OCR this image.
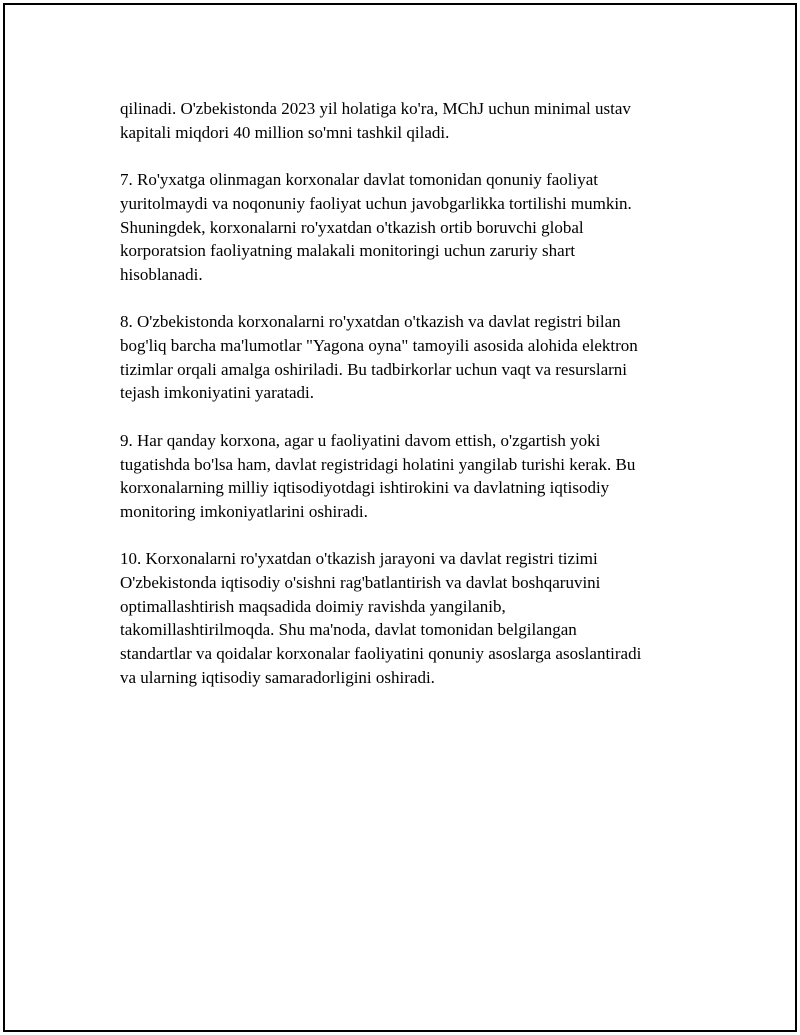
qilinadi. O'zbekistonda 2023 yil holatiga ko'ra, MChJ uchun minimal ustav
kapitali miqdori 40 million so'mni tashkil qiladi.

7. Ro'yxatga olinmagan korxonalar davlat tomonidan qonuniy faoliyat
yuritolmaydi va noqonuniy faoliyat uchun javobgarlikka tortilishi mumkin.
Shuningdek, korxonalarni ro'yxatdan o'tkazish ortib boruvchi global
korporatsion faoliyatning malakali monitoringi uchun zaruriy shart
hisoblanadi.

8. O'zbekistonda korxonalarni ro'yxatdan o'tkazish va davlat registri bilan
bog'liq barcha ma'lumotlar "Yagona oyna" tamoyili asosida alohida elektron
tizimlar orqali amalga oshiriladi. Bu tadbirkorlar uchun vaqt va resurslarni
tejash imkoniyatini yaratadi.

9. Har qanday korxona, agar u faoliyatini davom ettish, o'zgartish yoki
tugatishda bo'lsa ham, davlat registridagi holatini yangilab turishi kerak. Bu
korxonalarning milliy iqtisodiyotdagi ishtirokini va davlatning iqtisodiy
monitoring imkoniyatlarini oshiradi.

10. Korxonalarni ro'yxatdan o'tkazish jarayoni va davlat registri tizimi
O'zbekistonda iqtisodiy o'sishni rag'batlantirish va davlat boshqaruvini
optimallashtirish maqsadida doimiy ravishda yangilanib,
takomillashtirilmoqda. Shu ma'noda, davlat tomonidan belgilangan
standartlar va qoidalar korxonalar faoliyatini qonuniy asoslarga asoslantiradi
va ularning iqtisodiy samaradorligini oshiradi.
